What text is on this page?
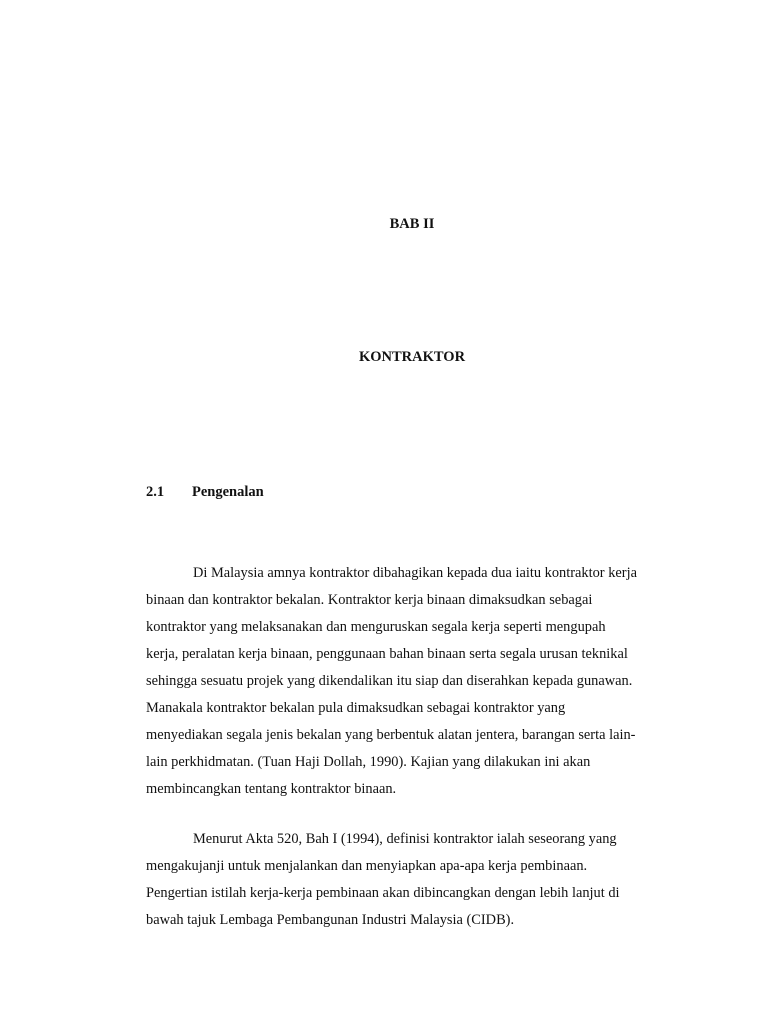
BAB II
KONTRAKTOR
2.1 Pengenalan

Di Malaysia amnya kontraktor dibahagikan kepada dua iaitu kontraktor kerja
binaan dan kontraktor bekalan. Kontraktor kerja binaan dimaksudkan sebagai
kontraktor yang melaksanakan dan menguruskan segala kerja seperti mengupah
kerja, peralatan kerja binaan, penggunaan bahan binaan serta segala urusan teknikal
sehingga sesuatu projek yang dikendalikan itu siap dan diserahkan kepada gunawan.
Manakala kontraktor bekalan pula dimaksudkan sebagai kontraktor yang
menyediakan segala jenis bekalan yang berbentuk alatan jentera, barangan serta lain-
lain perkhidmatan. (Tuan Haji Dollah, 1990). Kajian yang dilakukan ini akan
membincangkan tentang kontraktor binaan.

Menurut Akta 520, Bah I (1994), definisi kontraktor ialah seseorang yang
mengakujanji untuk menjalankan dan menyiapkan apa-apa kerja pembinaan.
Pengertian istilah kerja-kerja pembinaan akan dibincangkan dengan lebih lanjut di
bawah tajuk Lembaga Pembangunan Industri Malaysia (CIDB).
